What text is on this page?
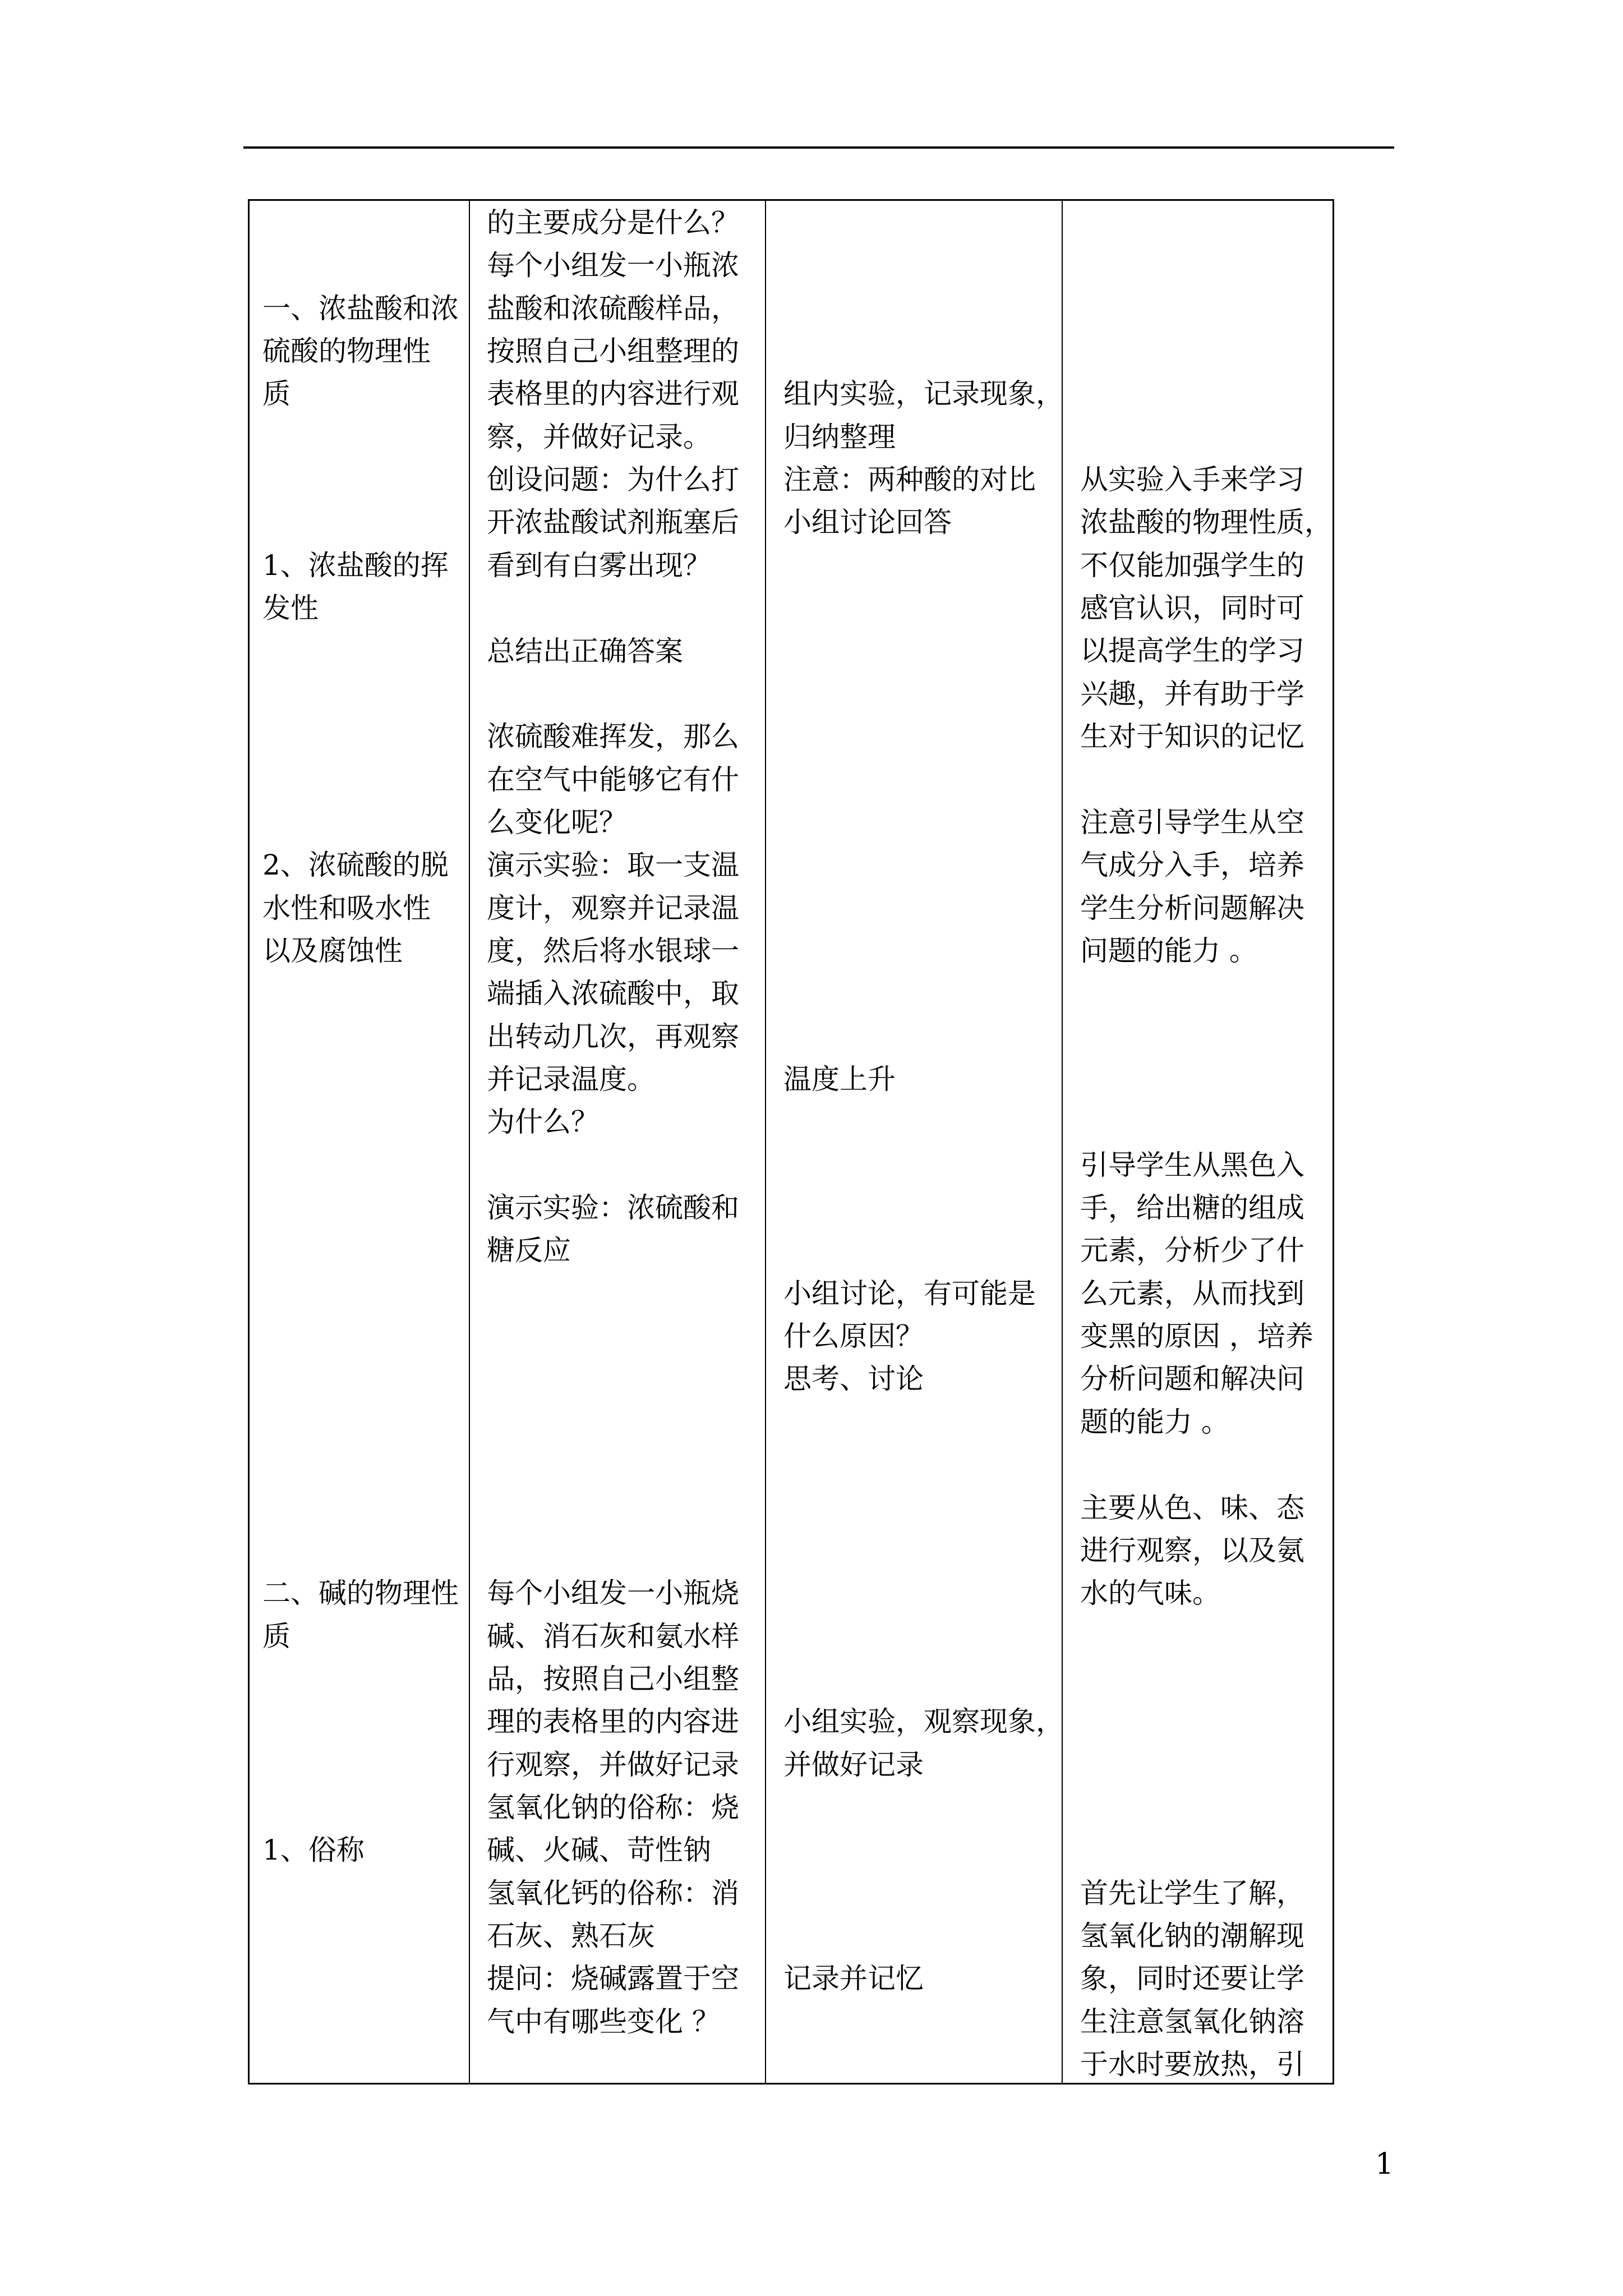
一、浓盐酸和浓
硫酸的物理性
质
1、浓盐酸的挥
发性
2、浓硫酸的脱
水性和吸水性
以及腐蚀性
二、碱的物理性
质
1、俗称
的主要成分是什么？
每个小组发一小瓶浓
盐酸和浓硫酸样品，
按照自己小组整理的
表格里的内容进行观
察，并做好记录。
创设问题：为什么打
开浓盐酸试剂瓶塞后
看到有白雾出现？
总结出正确答案
浓硫酸难挥发，那么
在空气中能够它有什
么变化呢？
演示实验：取一支温
度计，观察并记录温
度，然后将水银球一
端插入浓硫酸中，取
出转动几次，再观察
并记录温度。
为什么？
演示实验：浓硫酸和
糖反应
每个小组发一小瓶烧
碱、消石灰和氨水样
品，按照自己小组整
理的表格里的内容进
行观察，并做好记录
氢氧化钠的俗称：烧
碱、火碱、苛性钠
氢氧化钙的俗称：消
石灰、熟石灰
提问：烧碱露置于空
气中有哪些变化 ？
组内实验，记录现象，
归纳整理
注意：两种酸的对比
小组讨论回答
温度上升
小组讨论，有可能是
什么原因？
思考、讨论
小组实验，观察现象，
并做好记录
记录并记忆
从实验入手来学习
浓盐酸的物理性质，
不仅能加强学生的
感官认识，同时可
以提高学生的学习
兴趣，并有助于学
生对于知识的记忆
注意引导学生从空
气成分入手，培养
学生分析问题解决
问题的能力 。
引导学生从黑色入
手，给出糖的组成
元素，分析少了什
么元素，从而找到
变黑的原因 ，培养
分析问题和解决问
题的能力 。
主要从色、味、态
进行观察，以及氨
水的气味。
首先让学生了解，
氢氧化钠的潮解现
象，同时还要让学
生注意氢氧化钠溶
于水时要放热，引
1
